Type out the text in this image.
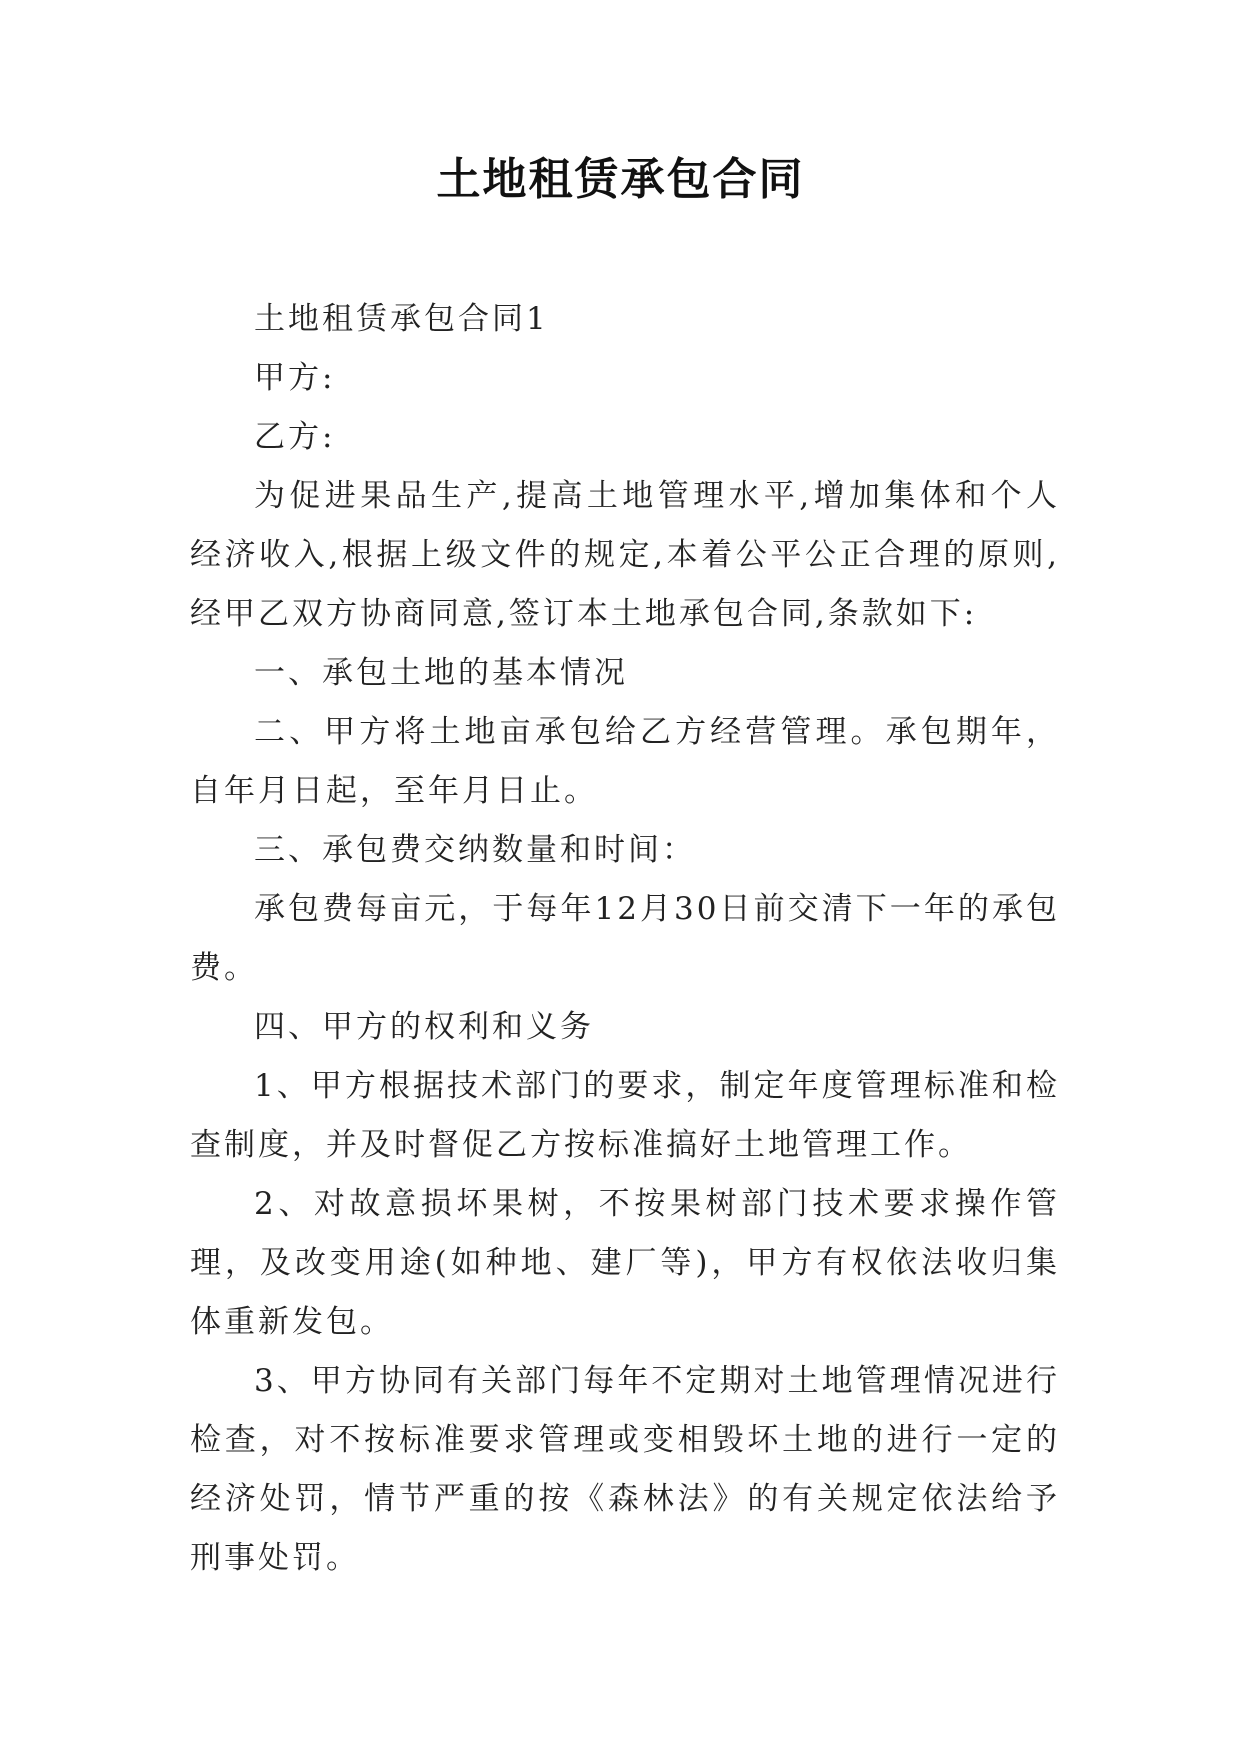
土地租赁承包合同

土地租赁承包合同1

甲方:

乙方:

为促进果品生产,提高土地管理水平,增加集体和个人经济收入,根据上级文件的规定,本着公平公正合理的原则,经甲乙双方协商同意,签订本土地承包合同,条款如下:

一、承包土地的基本情况

二、甲方将土地亩承包给乙方经营管理。承包期年，自年月日起，至年月日止。

三、承包费交纳数量和时间：

承包费每亩元，于每年12月30日前交清下一年的承包费。

四、甲方的权利和义务

1、甲方根据技术部门的要求，制定年度管理标准和检查制度，并及时督促乙方按标准搞好土地管理工作。

2、对故意损坏果树，不按果树部门技术要求操作管理，及改变用途(如种地、建厂等)，甲方有权依法收归集体重新发包。

3、甲方协同有关部门每年不定期对土地管理情况进行检查，对不按标准要求管理或变相毁坏土地的进行一定的经济处罚，情节严重的按《森林法》的有关规定依法给予刑事处罚。
